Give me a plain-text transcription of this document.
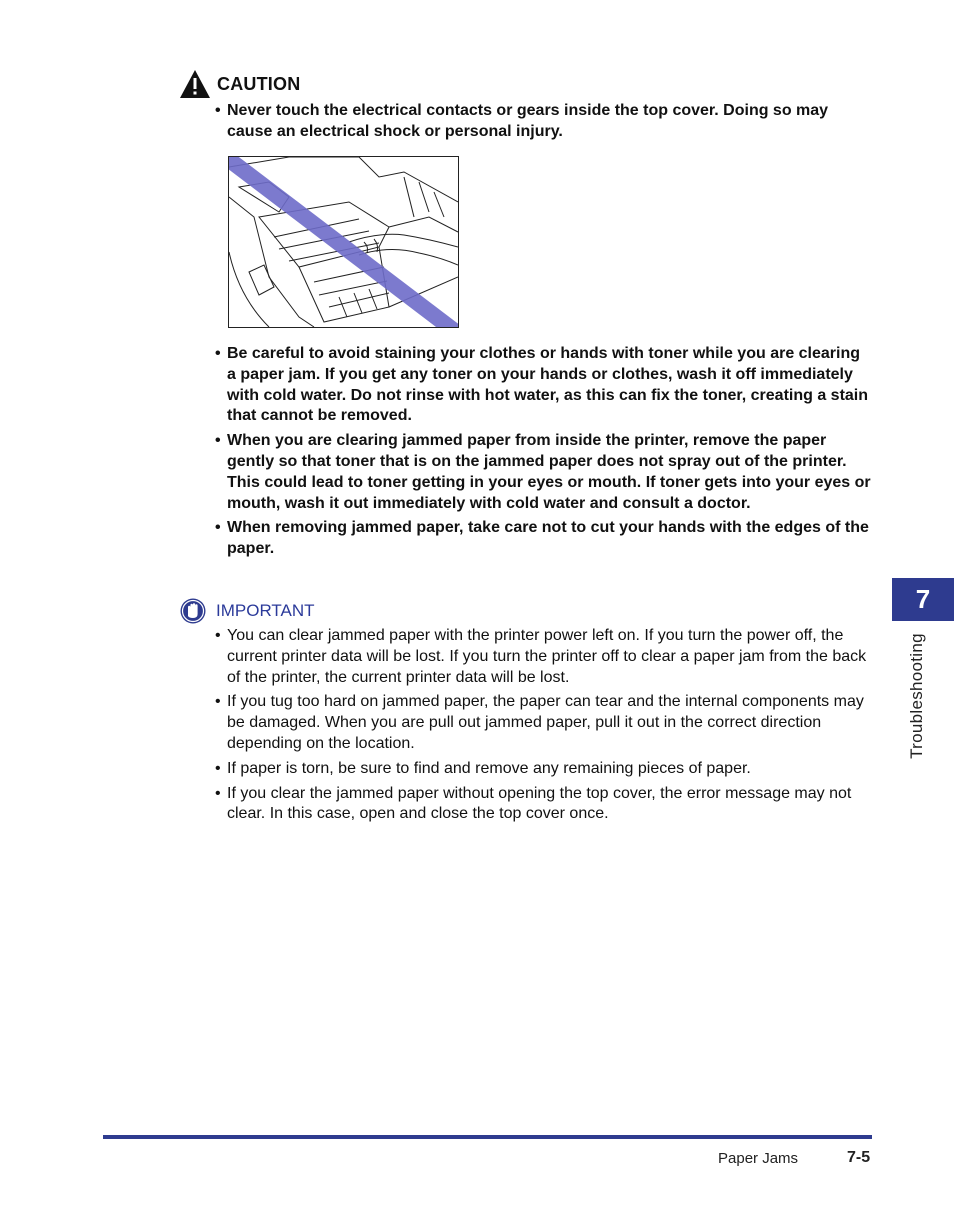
CAUTION
• Never touch the electrical contacts or gears inside the top cover. Doing so may cause an electrical shock or personal injury.
• Be careful to avoid staining your clothes or hands with toner while you are clearing a paper jam. If you get any toner on your hands or clothes, wash it off immediately with cold water. Do not rinse with hot water, as this can fix the toner, creating a stain that cannot be removed.
• When you are clearing jammed paper from inside the printer, remove the paper gently so that toner that is on the jammed paper does not spray out of the printer. This could lead to toner getting in your eyes or mouth. If toner gets into your eyes or mouth, wash it out immediately with cold water and consult a doctor.
• When removing jammed paper, take care not to cut your hands with the edges of the paper.
IMPORTANT
• You can clear jammed paper with the printer power left on. If you turn the power off, the current printer data will be lost. If you turn the printer off to clear a paper jam from the back of the printer, the current printer data will be lost.
• If you tug too hard on jammed paper, the paper can tear and the internal components may be damaged. When you are pull out jammed paper, pull it out in the correct direction depending on the location.
• If paper is torn, be sure to find and remove any remaining pieces of paper.
• If you clear the jammed paper without opening the top cover, the error message may not clear. In this case, open and close the top cover once.
7
Troubleshooting
Paper Jams	7-5
